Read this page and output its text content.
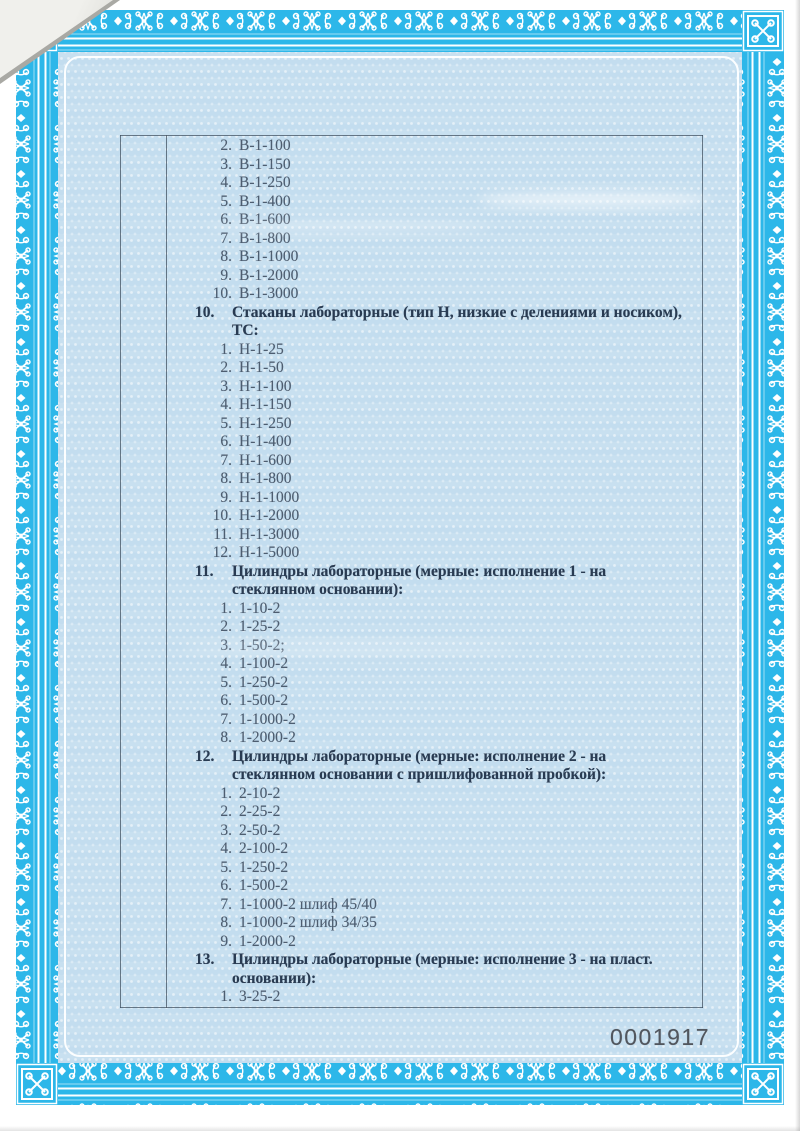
2. В-1-100
3. В-1-150
4. В-1-250
5. В-1-400
6. В-1-600
7. В-1-800
8. В-1-1000
9. В-1-2000
10. В-1-3000
10.	Стаканы лабораторные (тип Н, низкие с делениями и носиком),
ТС:
1. Н-1-25
2. Н-1-50
3. Н-1-100
4. Н-1-150
5. Н-1-250
6. Н-1-400
7. Н-1-600
8. Н-1-800
9. Н-1-1000
10. Н-1-2000
11. Н-1-3000
12. Н-1-5000
11.	Цилиндры лабораторные (мерные: исполнение 1 - на
стеклянном основании):
1. 1-10-2
2. 1-25-2
3. 1-50-2;
4. 1-100-2
5. 1-250-2
6. 1-500-2
7. 1-1000-2
8. 1-2000-2
12.	Цилиндры лабораторные (мерные: исполнение 2 - на
стеклянном основании с пришлифованной пробкой):
1. 2-10-2
2. 2-25-2
3. 2-50-2
4. 2-100-2
5. 1-250-2
6. 1-500-2
7. 1-1000-2 шлиф 45/40
8. 1-1000-2 шлиф 34/35
9. 1-2000-2
13.	Цилиндры лабораторные (мерные: исполнение 3 - на пласт.
основании):
1. 3-25-2
0001917
